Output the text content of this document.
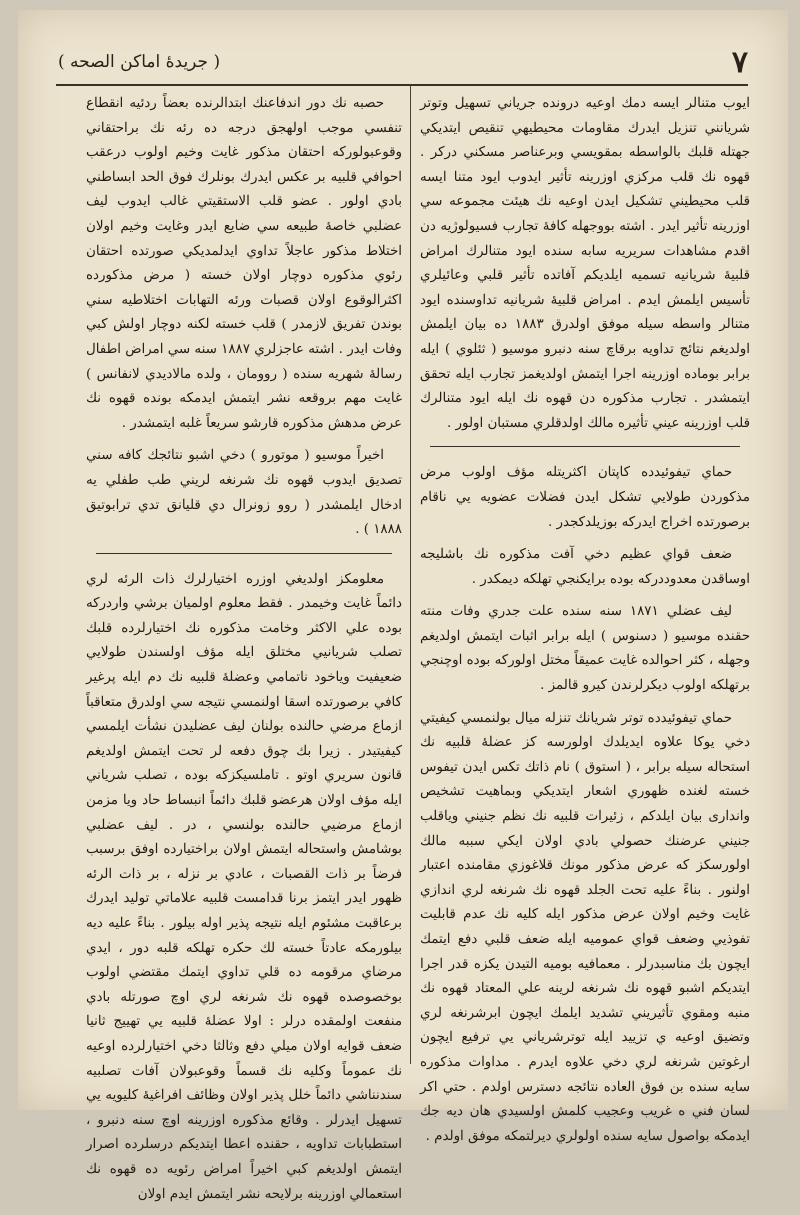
٧
( جريدهٔ اماكن الصحه )

ايوب متنالر ايسه دمك اوعيه درونده جرياني تسهيل وتوتر شريانني تنزيل ايدرك مقاومات محيطيهي تنقيص ايتديكي جهتله قلبك بالواسطه بمقويسي وبرعناصر مسكني دركر . قهوه نك قلب مركزي اوزرينه تأثير ايدوب ايود متنا ايسه قلب محيطيني تشكيل ايدن اوعيه نك هيئت مجموعه سي اوزرينه تأثير ايدر . اشته بووجهله كافهٔ تجارب فسيولوژيه دن اقدم مشاهدات سريريه سابه سنده ايود متنالرك امراض قلبيهٔ شريانيه تسميه ايلديكم آفاتده تأثير قلبي وعائيلري تأسيس ايلمش ايدم . امراض قلبيهٔ شريانيه تداوسنده ايود متنالر واسطه سيله موفق اولدرق ١٨٨٣ ده بيان ايلمش اولديغم نتائج تداويه برقاچ سنه دنبرو موسيو ( ثئلوي ) ايله برابر بوماده اوزرينه اجرا ايتمش اولديغمز تجارب ايله تحقق ايتمشدر . تجارب مذكوره دن قهوه نك ايله ايود متنالرك قلب اوزرينه عيني تأثيره مالك اولدقلري مستبان اولور .

حماي تيفوئيدده كاپتان اكثريتله مؤف اولوب مرض مذكوردن طولايي تشكل ايدن فضلات عضويه يي ناقام برصورتده اخراج ايدركه بوزيلدكجدر .

ضعف قواي عظيم دخي آفت مذكوره نك باشليجه اوساقدن معدوددركه بوده برايكنجي تهلكه ديمكدر .

ليف عضلي ١٨٧١ سنه سنده علت جدري وفات منته حقنده موسيو ( دسنوس ) ايله برابر اثبات ايتمش اولديغم وجهله ، كثر احوالده غايت عميقاً مختل اولوركه بوده اوچنجي برتهلكه اولوب ديكرلرندن كيرو قالمز .

حماي تيفوئيدده توتر شريانك تنزله ميال بولنمسي كيفيتي دخي يوكا علاوه ايديلدك اولورسه كز عضلهٔ قلبيه نك استحاله سيله برابر ، ( استوق ) نام ذاتك تكس ايدن تيفوس خسته لغنده ظهوري اشعار ايتديكي وبماهيت تشخيص واندارى بيان ايلدكم ، زئيرات قلبيه نك نظم جنيني وياقلب جنيني عرضنك حصولي بادي اولان ايكي سببه مالك اولورسكز كه عرض مذكور مونك قلاغوزي مقامنده اعتبار اولنور . بناءً عليه تحت الجلد قهوه نك شرنغه لري اندازي غايت وخيم اولان عرض مذكور ايله كليه نك عدم قابليت تفوذيي وضعف قواي عموميه ايله ضعف قلبي دفع ايتمك ايچون بك مناسبدرلر . معمافيه بوميه التيدن يكزه قدر اجرا ايتديكم اشبو قهوه نك شرنغه لرينه علي المعتاد قهوه نك منبه ومقوي تأثيريني تشديد ايلمك ايچون ابرشرنغه لري وتضيق اوعيه ي تزييد ايله توترشرياني يي ترفيع ايچون ارغوتين شرنغه لري دخي علاوه ايدرم . مداوات مذكوره سايه سنده بن فوق العاده نتائجه دسترس اولدم . حتي اكر لسان فني ه غريب وعجيب كلمش اولسيدي هان ديه جك ايدمكه بواصول سايه سنده اولولري ديرلتمكه موفق اولدم .

حصبه نك دور اندفاعنك ابتدالرنده بعضاً ردئيه انقطاع تنفسي موجب اولهجق درجه ده رئه نك براحتقاني وقوعبولوركه احتقان مذكور غايت وخيم اولوب درعقب احوافي قلبيه بر عكس ايدرك بونلرك فوق الحد ابساطني بادي اولور . عضو قلب الاستقيتي غالب ايدوب ليف عضلبي خاصهٔ طبيعه سي ضايع ايدر وغايت وخيم اولان اختلاط مذكور عاجلاً تداوي ايدلمديكي صورتده احتقان رئوي مذكوره دوچار اولان خسته ( مرض مذكورده اكثرالوقوع اولان قصبات ورئه التهابات اختلاطيه سني بوندن تفريق لازمدر ) قلب خسته لكنه دوچار اولش كبي وفات ايدر . اشته عاجزلري ١٨٨٧ سنه سي امراض اطفال رسالهٔ شهريه سنده ( روومان ، ولده مالاديدي لانفانس ) غايت مهم بروقعه نشر ايتمش ايدمكه بونده قهوه نك عرض مدهش مذكوره قارشو سريعاً غلبه ايتمشدر .

اخيراً موسيو ( موتورو ) دخي اشبو نتائجك كافه سني تصديق ايدوب قهوه نك شرنغه لريني طب طفلي يه ادخال ايلمشدر ( روو زونرال دي قليانق تدي ترابوتيق ١٨٨٨ ) .

معلومكز اولديغي اوزره اختيارلرك ذات الرئه لري دائماً غايت وخيمدر . فقط معلوم اولميان برشي واردركه بوده علي الاكثر وخامت مذكوره نك اختيارلرده قلبك تصلب شريانيي مختلق ايله مؤف اولسندن طولايي ضعيفيت وياخود ناتمامي وعضلهٔ قلبيه نك دم ايله پرغير كافي برصورتده اسقا اولنمسي نتيجه سي اولدرق متعاقباً ازماع مرضي حالنده بولنان ليف عضليدن نشأت ايلمسي كيفيتيدر . زيرا بك چوق دفعه لر تحت ايتمش اولديغم قانون سريري اوتو . تاملسيكزكه بوده ، تصلب شرياني ايله مؤف اولان هرعضو قلبك دائماً انبساط حاد ويا مزمن ازماع مرضيي حالنده بولنسي ، در . ليف عضلبي بوشامش واستحاله ايتمش اولان براختيارده اوفق برسبب فرضاً بر ذات القصبات ، عادي بر نزله ، بر ذات الرئه ظهور ايدر ايتمز برنا قدامست قلبيه علاماتي توليد ايدرك برعاقبت مشئوم ايله نتيجه پذير اوله بيلور . بناءً عليه ديه بيلورمكه عادتاً خسته لك حكره تهلكه قلبه دور ، ايدي مرضاي مرقومه ده قلي تداوي ايتمك مقتضي اولوب بوخصوصده قهوه نك شرنغه لري اوچ صورتله بادي منفعت اولمقده درلر : اولا عضلهٔ قلبيه يي تهييج ثانيا ضعف قوايه اولان ميلي دفع وثالثا دخي اختيارلرده اوعيه نك عموماً وكليه نك قسماً وقوعبولان آفات تصلبيه سندنناشي دائماً خلل پذير اولان وظائف افراغيهٔ كليويه يي تسهيل ايدرلر . وقائع مذكوره اوزرينه اوچ سنه دنبرو ، استطبابات تداويه ، حقنده اعطا ايتديكم درسلرده اصرار ايتمش اولديغم كبي اخيراً امراض رئويه ده قهوه نك استعمالي اوزرينه برلايحه نشر ايتمش ايدم اولان
